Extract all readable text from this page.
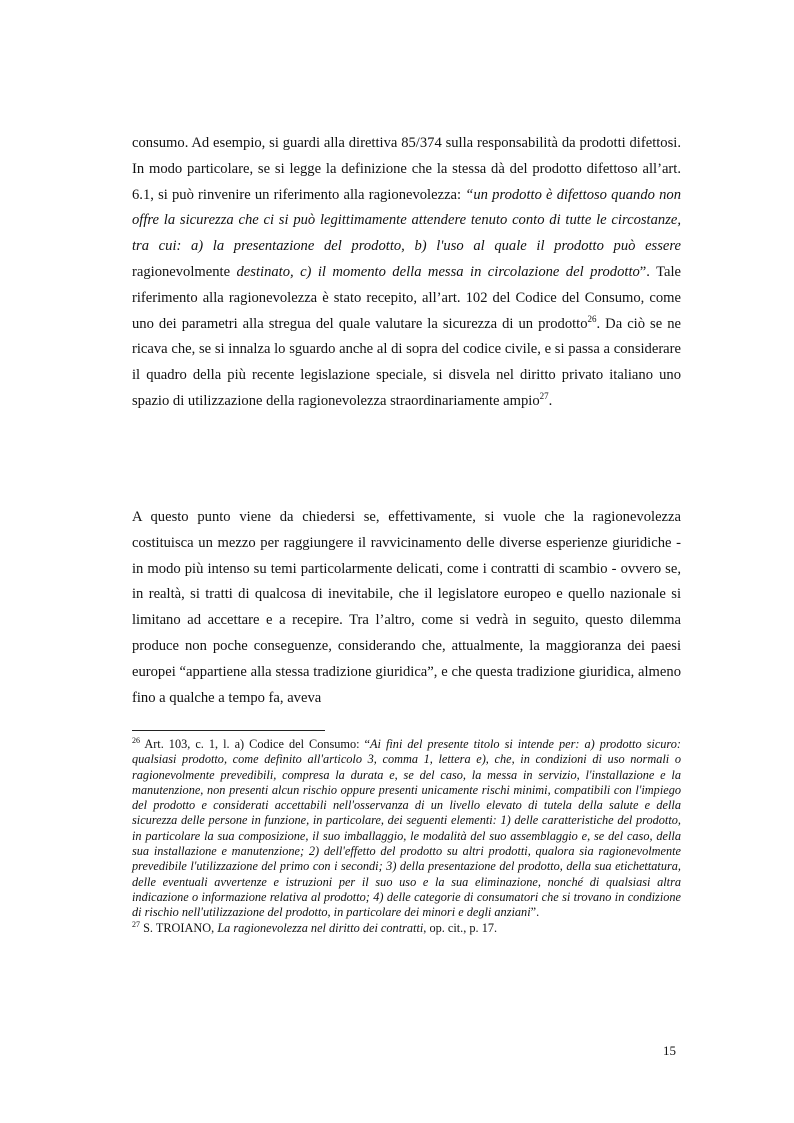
consumo. Ad esempio, si guardi alla direttiva 85/374 sulla responsabilità da prodotti difettosi. In modo particolare, se si legge la definizione che la stessa dà del prodotto difettoso all’art. 6.1, si può rinvenire un riferimento alla ragionevolezza: “un prodotto è difettoso quando non offre la sicurezza che ci si può legittimamente attendere tenuto conto di tutte le circostanze, tra cui: a) la presentazione del prodotto, b) l'uso al quale il prodotto può essere ragionevolmente destinato, c) il momento della messa in circolazione del prodotto”. Tale riferimento alla ragionevolezza è stato recepito, all’art. 102 del Codice del Consumo, come uno dei parametri alla stregua del quale valutare la sicurezza di un prodotto$^{26}$. Da ciò se ne ricava che, se si innalza lo sguardo anche al di sopra del codice civile, e si passa a considerare il quadro della più recente legislazione speciale, si disvela nel diritto privato italiano uno spazio di utilizzazione della ragionevolezza straordinariamente ampio$^{27}$.

A questo punto viene da chiedersi se, effettivamente, si vuole che la ragionevolezza costituisca un mezzo per raggiungere il ravvicinamento delle diverse esperienze giuridiche - in modo più intenso su temi particolarmente delicati, come i contratti di scambio - ovvero se, in realtà, si tratti di qualcosa di inevitabile, che il legislatore europeo e quello nazionale si limitano ad accettare e a recepire. Tra l’altro, come si vedrà in seguito, questo dilemma produce non poche conseguenze, considerando che, attualmente, la maggioranza dei paesi europei “appartiene alla stessa tradizione giuridica”, e che questa tradizione giuridica, almeno fino a qualche a tempo fa, aveva

$^{26}$ Art. 103, c. 1, l. a) Codice del Consumo: “Ai fini del presente titolo si intende per: a) prodotto sicuro: qualsiasi prodotto, come definito all'articolo 3, comma 1, lettera e), che, in condizioni di uso normali o ragionevolmente prevedibili, compresa la durata e, se del caso, la messa in servizio, l'installazione e la manutenzione, non presenti alcun rischio oppure presenti unicamente rischi minimi, compatibili con l'impiego del prodotto e considerati accettabili nell'osservanza di un livello elevato di tutela della salute e della sicurezza delle persone in funzione, in particolare, dei seguenti elementi: 1) delle caratteristiche del prodotto, in particolare la sua composizione, il suo imballaggio, le modalità del suo assemblaggio e, se del caso, della sua installazione e manutenzione; 2) dell'effetto del prodotto su altri prodotti, qualora sia ragionevolmente prevedibile l'utilizzazione del primo con i secondi; 3) della presentazione del prodotto, della sua etichettatura, delle eventuali avvertenze e istruzioni per il suo uso e la sua eliminazione, nonché di qualsiasi altra indicazione o informazione relativa al prodotto; 4) delle categorie di consumatori che si trovano in condizione di rischio nell'utilizzazione del prodotto, in particolare dei minori e degli anziani”.

$^{27}$ S. TROIANO, La ragionevolezza nel diritto dei contratti, op. cit., p. 17.

15
